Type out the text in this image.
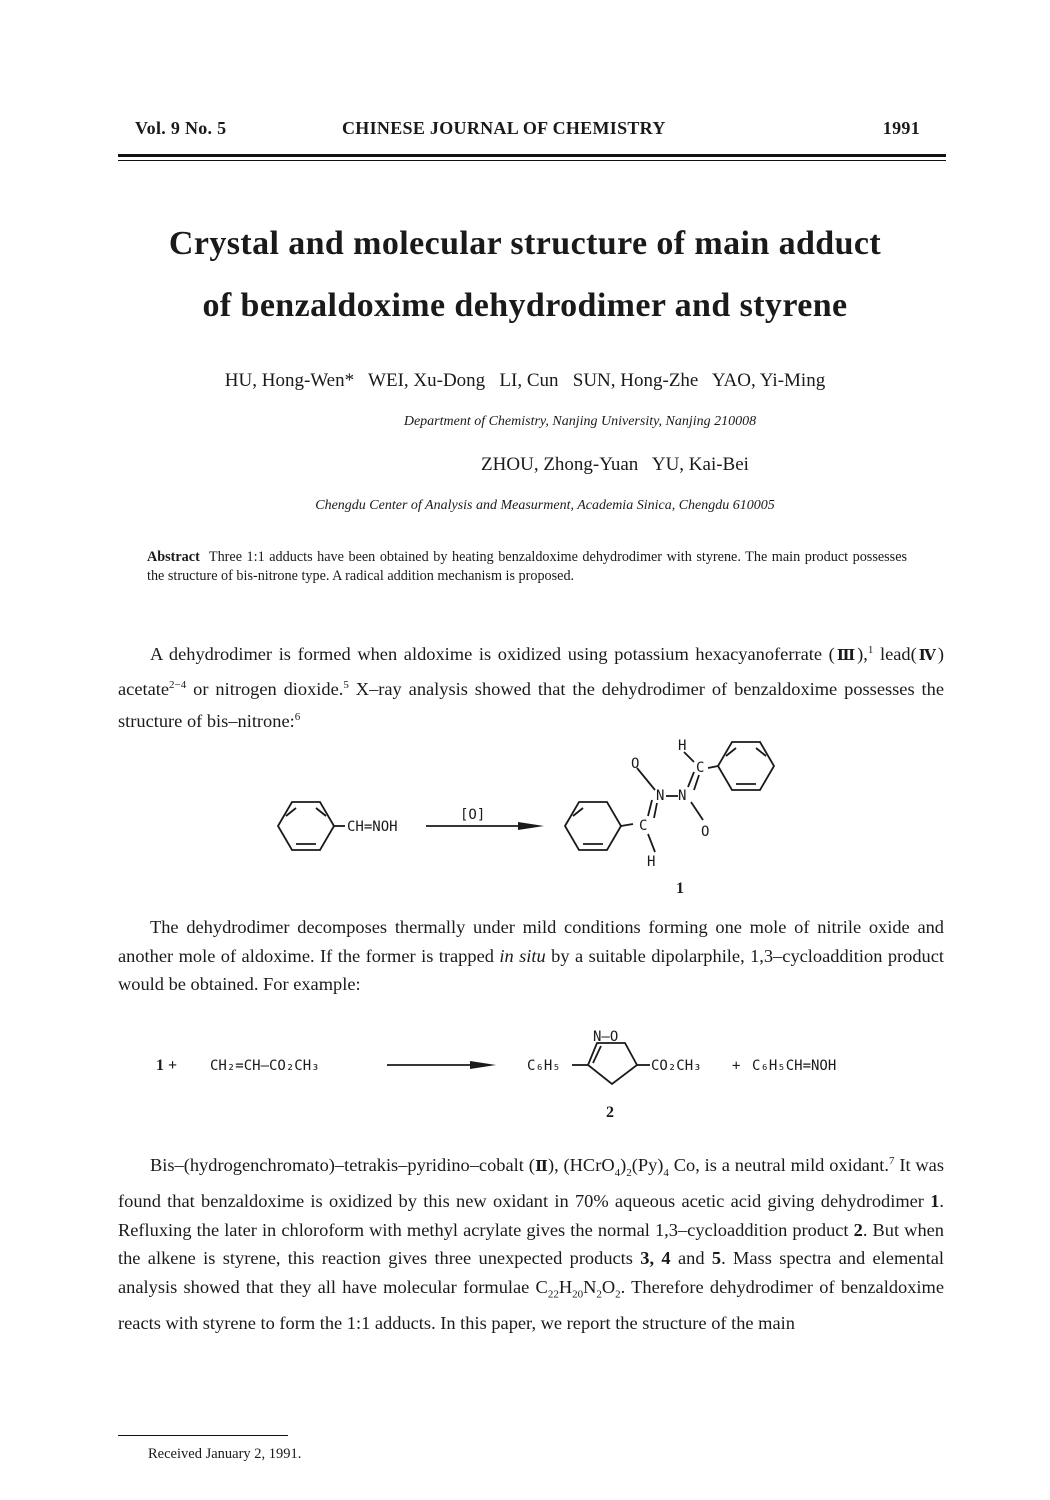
Vol. 9 No. 5	CHINESE JOURNAL OF CHEMISTRY	1991
Crystal and molecular structure of main adduct
of benzaldoxime dehydrodimer and styrene
HU, Hong-Wen*   WEI, Xu-Dong   LI, Cun   SUN, Hong-Zhe   YAO, Yi-Ming
Department of Chemistry, Nanjing University, Nanjing 210008
ZHOU, Zhong-Yuan   YU, Kai-Bei
Chengdu Center of Analysis and Measurment, Academia Sinica, Chengdu 610005
Abstract Three 1:1 adducts have been obtained by heating benzaldoxime dehydrodimer with styrene. The main product possesses the structure of bis-nitrone type. A radical addition mechanism is proposed.
A dehydrodimer is formed when aldoxime is oxidized using potassium hexacyanoferrate (Ⅲ),$^1$ lead(Ⅳ) acetate$^{2-4}$ or nitrogen dioxide.$^5$ X–ray analysis showed that the dehydrodimer of benzaldoxime possesses the structure of bis–nitrone:$^6$
CH=NOH
[O]
O
N N
C
C
H
H
O
CH₂=CH—CO₂CH₃	C₆H₅
N—O
CO₂CH₃ + C₆H₅CH=NOH
1 +
1
2
The dehydrodimer decomposes thermally under mild conditions forming one mole of nitrile oxide and another mole of aldoxime. If the former is trapped in situ by a suitable dipolarphile, 1,3–cycloaddition product would be obtained. For example:
Bis–(hydrogenchromato)–tetrakis–pyridino–cobalt (Ⅱ), $(HCrO_4)_2(Py)_4$ Co, is a neutral mild oxidant.$^7$ It was found that benzaldoxime is oxidized by this new oxidant in 70% aqueous acetic acid giving dehydrodimer 1. Refluxing the later in chloroform with methyl acrylate gives the normal 1,3–cycloaddition product 2. But when the alkene is styrene, this reaction gives three unexpected products 3, 4 and 5. Mass spectra and elemental analysis showed that they all have molecular formulae $C_{22}H_{20}N_2O_2$. Therefore dehydrodimer of benzaldoxime reacts with styrene to form the 1:1 adducts. In this paper, we report the structure of the main
Received January 2, 1991.
